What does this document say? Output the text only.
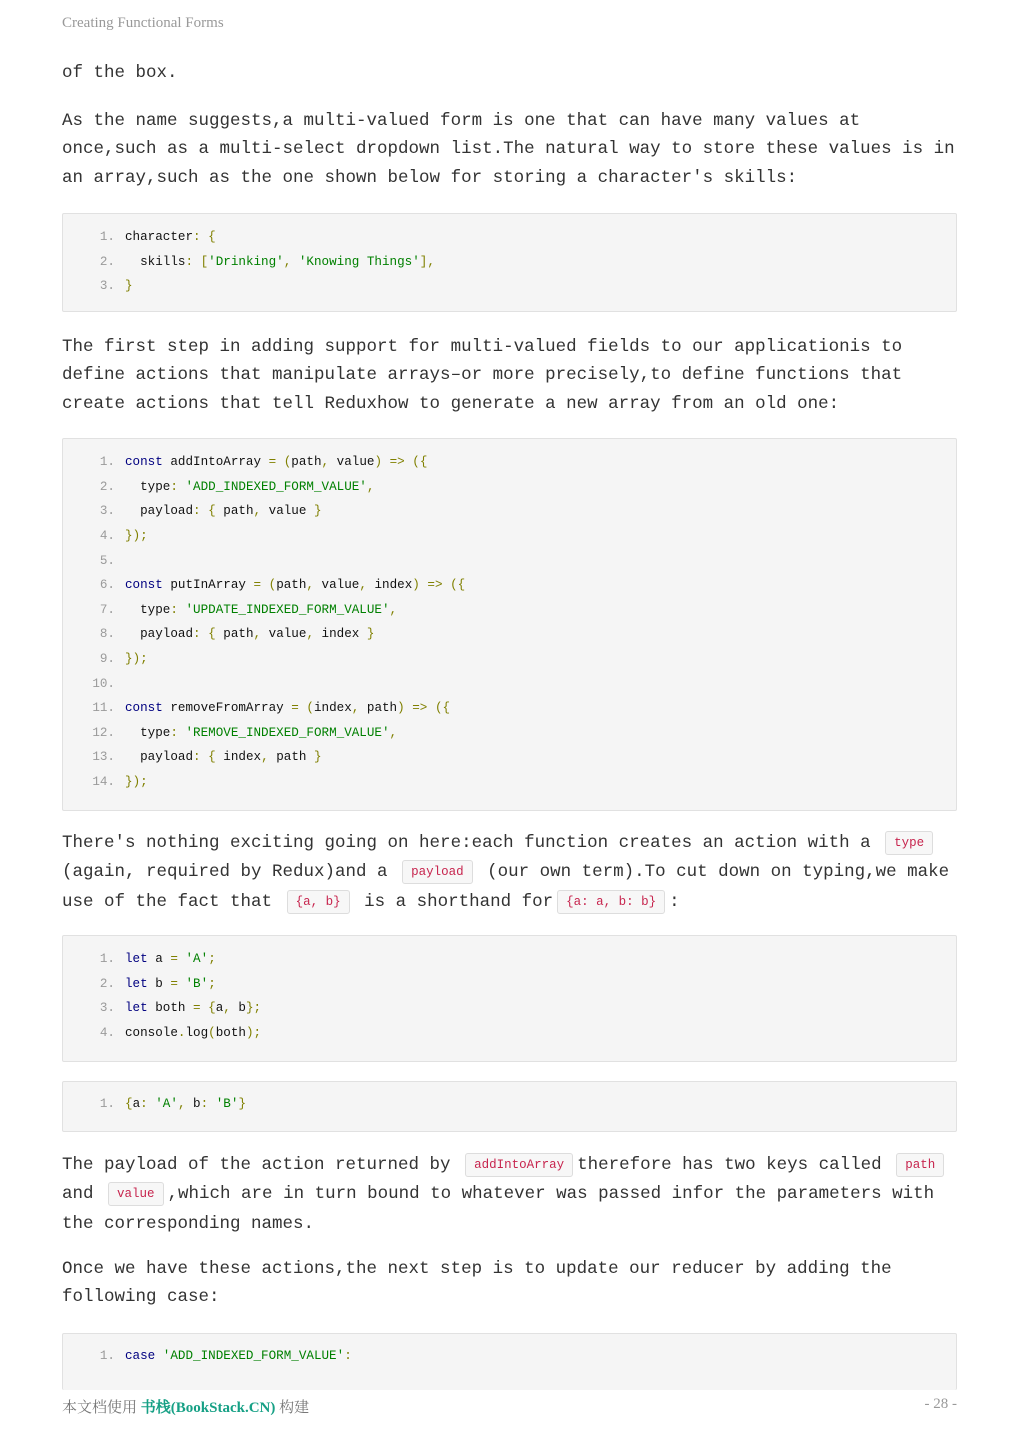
Creating Functional Forms

of the box.

As the name suggests,a multi-valued form is one that can have many values at once,such as a multi-select dropdown list.The natural way to store these values is in an array,such as the one shown below for storing a character's skills:

1. character: {
2. skills: ['Drinking', 'Knowing Things'],
3. }

The first step in adding support for multi-valued fields to our applicationis to define actions that manipulate arrays–or more precisely,to define functions that create actions that tell Reduxhow to generate a new array from an old one:

1. const addIntoArray = (path, value) => ({
2. type: 'ADD_INDEXED_FORM_VALUE',
3. payload: { path, value }
4. });
5.
6. const putInArray = (path, value, index) => ({
7. type: 'UPDATE_INDEXED_FORM_VALUE',
8. payload: { path, value, index }
9. });
10.
11. const removeFromArray = (index, path) => ({
12. type: 'REMOVE_INDEXED_FORM_VALUE',
13. payload: { index, path }
14. });

There's nothing exciting going on here:each function creates an action with a type (again, required by Redux)and a payload (our own term).To cut down on typing,we make use of the fact that {a, b} is a shorthand for {a: a, b: b} :

1. let a = 'A';
2. let b = 'B';
3. let both = {a, b};
4. console.log(both);
1. {a: 'A', b: 'B'}

The payload of the action returned by addIntoArray therefore has two keys called path and value ,which are in turn bound to whatever was passed infor the parameters with the corresponding names.

Once we have these actions,the next step is to update our reducer by adding the following case:

1. case 'ADD_INDEXED_FORM_VALUE':
本文档使用 书栈(BookStack.CN) 构建	- 28 -
